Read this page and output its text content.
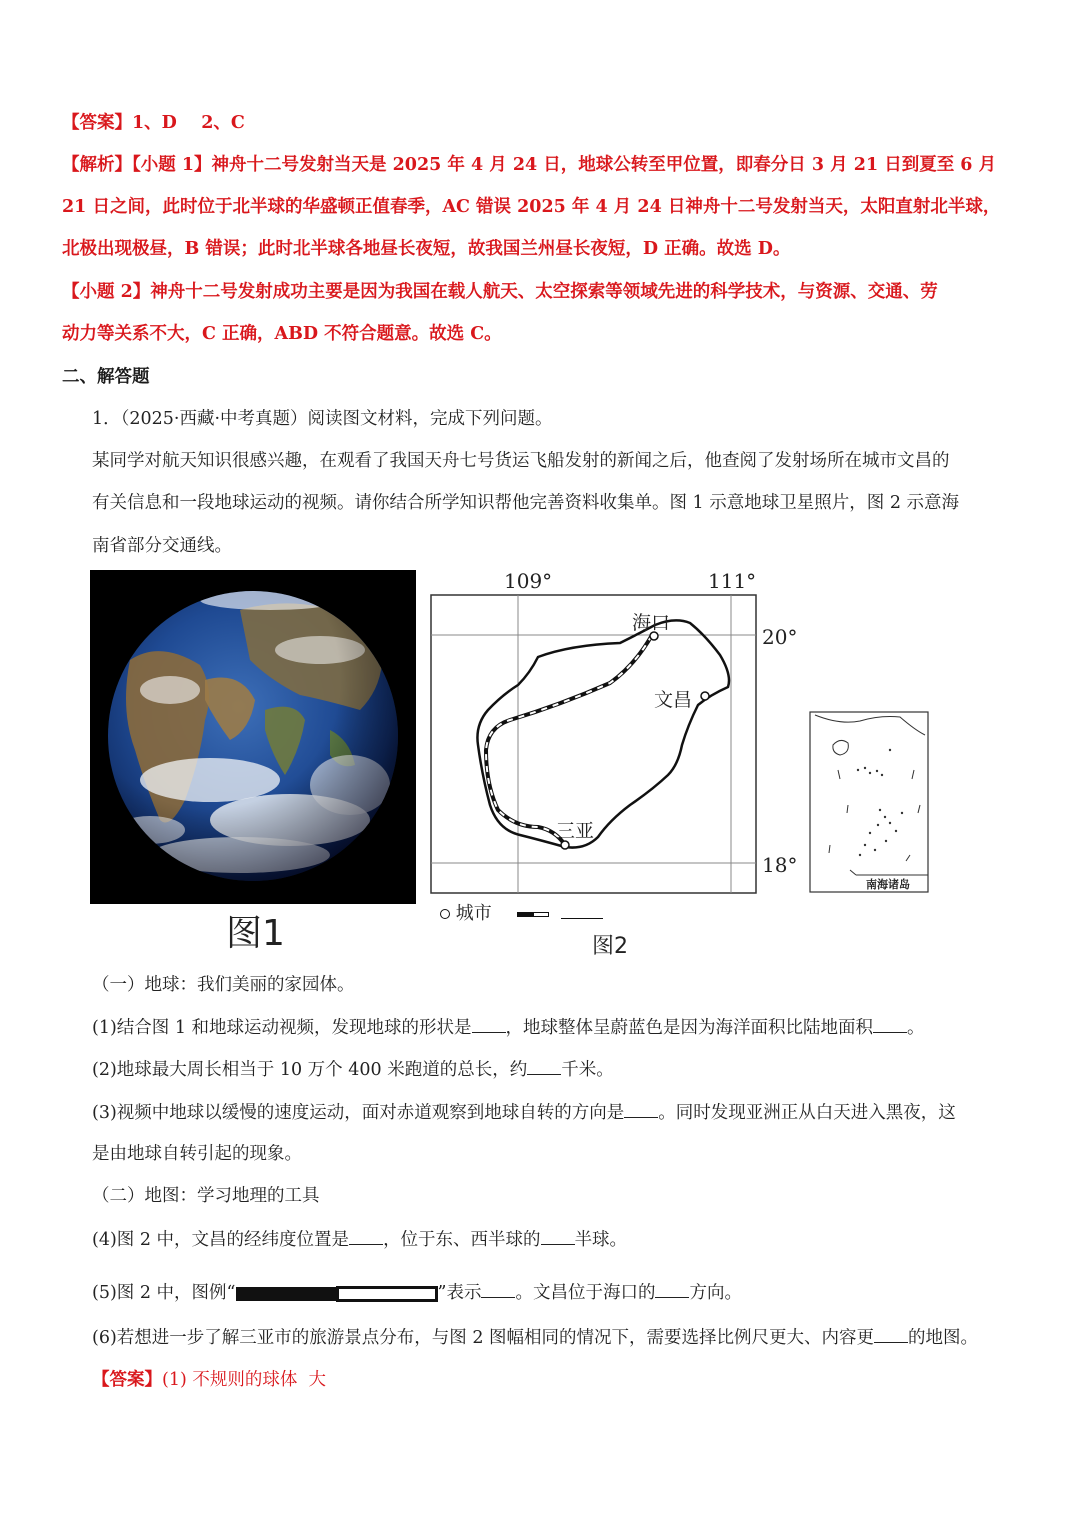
【答案】1、D    2、C
【解析】【小题 1】神舟十二号发射当天是 2025 年 4 月 24 日，地球公转至甲位置，即春分日 3 月 21 日到夏至 6 月
21 日之间，此时位于北半球的华盛顿正值春季，AC 错误 2025 年 4 月 24 日神舟十二号发射当天，太阳直射北半球，
北极出现极昼，B 错误；此时北半球各地昼长夜短，故我国兰州昼长夜短，D 正确。故选 D。
【小题 2】神舟十二号发射成功主要是因为我国在载人航天、太空探索等领域先进的科学技术，与资源、交通、劳
动力等关系不大，C 正确，ABD 不符合题意。故选 C。
二、解答题
1．（2025·西藏·中考真题）阅读图文材料，完成下列问题。
某同学对航天知识很感兴趣，在观看了我国天舟七号货运飞船发射的新闻之后，他查阅了发射场所在城市文昌的
有关信息和一段地球运动的视频。请你结合所学知识帮他完善资料收集单。图 1 示意地球卫星照片，图 2 示意海
南省部分交通线。
图1
109°	111°
20°
18°
海口
文昌
三亚
南海诸岛
城市
图2
（一）地球：我们美丽的家园体。
(1)结合图 1 和地球运动视频，发现地球的形状是 ，地球整体呈蔚蓝色是因为海洋面积比陆地面积 。
(2)地球最大周长相当于 10 万个 400 米跑道的总长，约 千米。
(3)视频中地球以缓慢的速度运动，面对赤道观察到地球自转的方向是 。同时发现亚洲正从白天进入黑夜，这
是由地球自转引起的现象。
（二）地图：学习地理的工具
(4)图 2 中，文昌的经纬度位置是 ，位于东、西半球的 半球。
(5)图 2 中，图例“	”表示 。文昌位于海口的 方向。
(6)若想进一步了解三亚市的旅游景点分布，与图 2 图幅相同的情况下，需要选择比例尺更大、内容更 的地图。
【答案】(1) 不规则的球体  大
